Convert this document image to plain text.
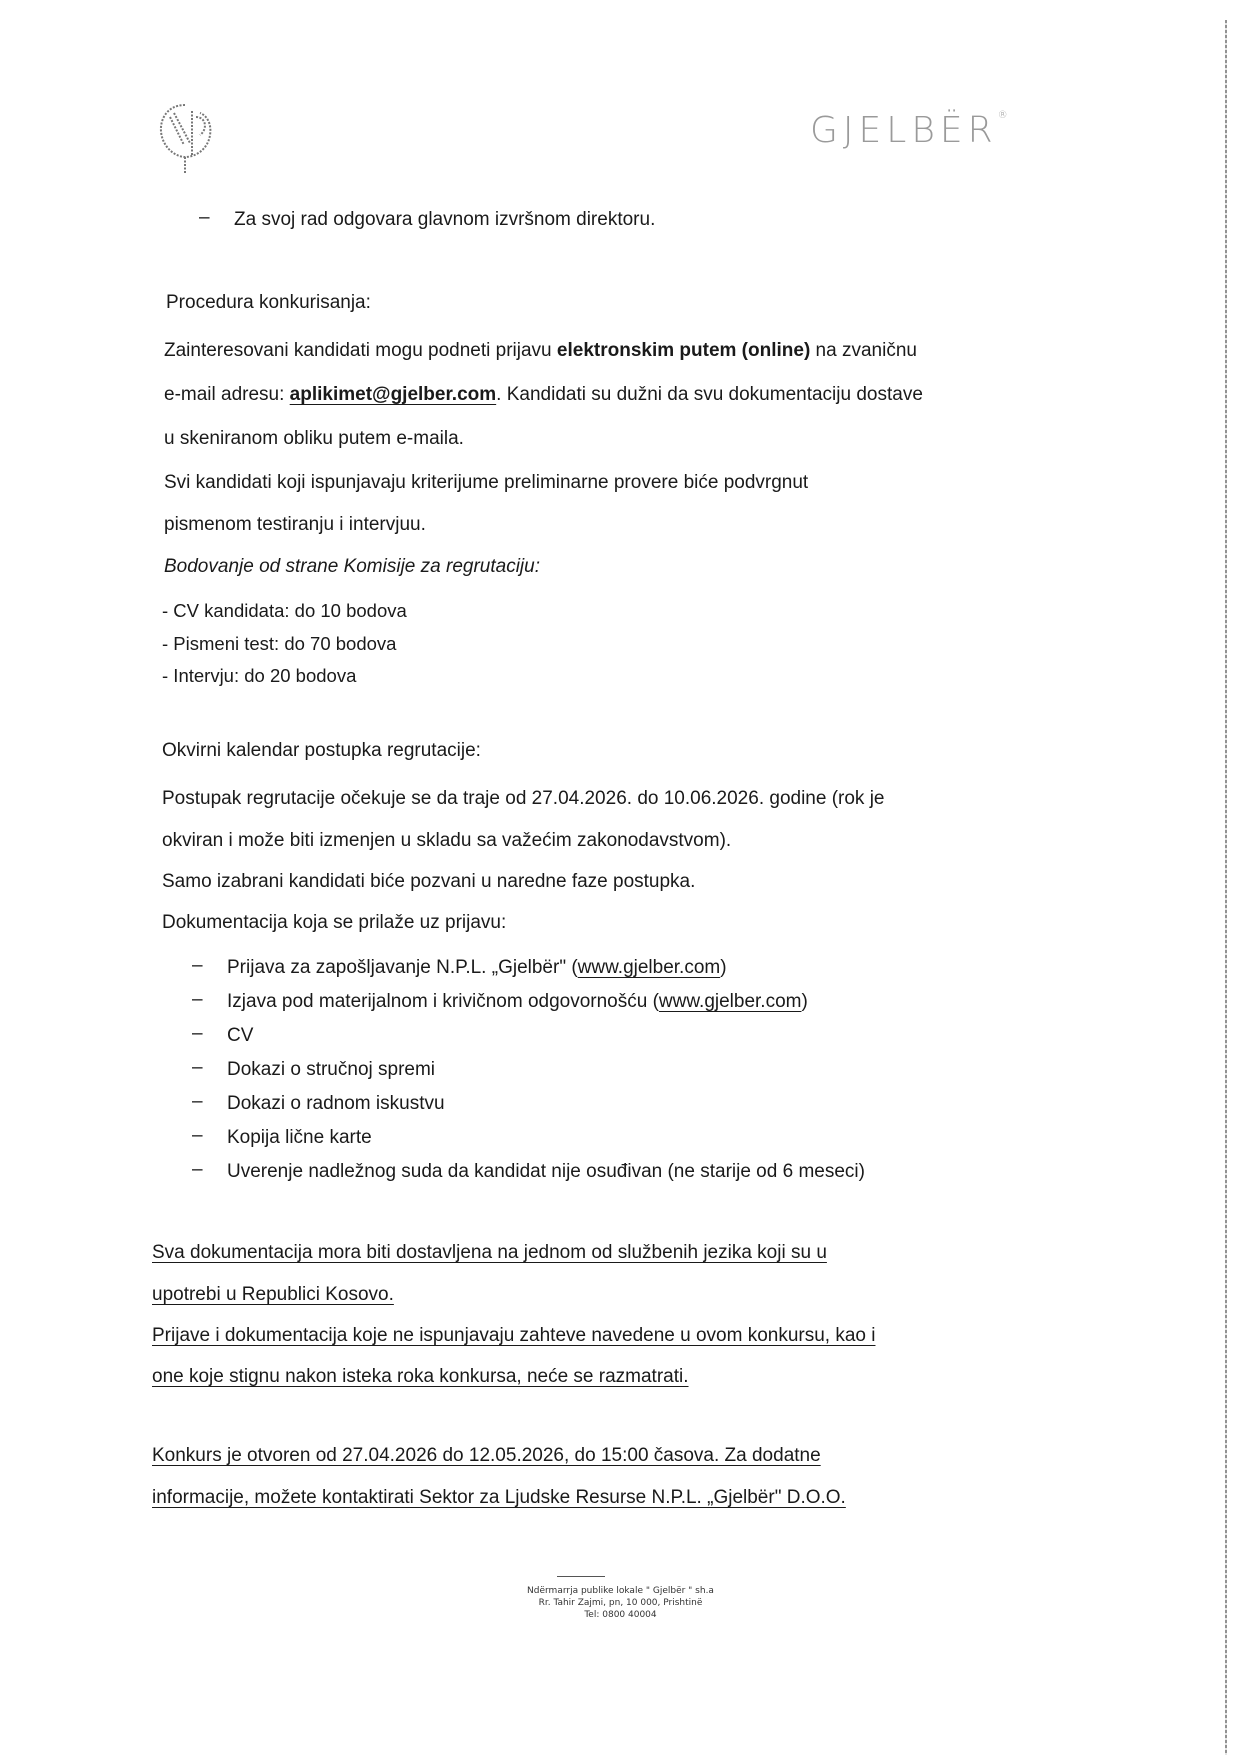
GJELBËR®
– Za svoj rad odgovara glavnom izvršnom direktoru.
Procedura konkurisanja:
Zainteresovani kandidati mogu podneti prijavu elektronskim putem (online) na zvaničnu
e-mail adresu: aplikimet@gjelber.com. Kandidati su dužni da svu dokumentaciju dostave
u skeniranom obliku putem e-maila.
Svi kandidati koji ispunjavaju kriterijume preliminarne provere biće podvrgnut
pismenom testiranju i intervjuu.
Bodovanje od strane Komisije za regrutaciju:
- CV kandidata: do 10 bodova
- Pismeni test: do 70 bodova
- Intervju: do 20 bodova
Okvirni kalendar postupka regrutacije:
Postupak regrutacije očekuje se da traje od 27.04.2026. do 10.06.2026. godine (rok je
okviran i može biti izmenjen u skladu sa važećim zakonodavstvom).
Samo izabrani kandidati biće pozvani u naredne faze postupka.
Dokumentacija koja se prilaže uz prijavu:
– Prijava za zapošljavanje N.P.L. „Gjelbër" (www.gjelber.com)
– Izjava pod materijalnom i krivičnom odgovornošću (www.gjelber.com)
– CV
– Dokazi o stručnoj spremi
– Dokazi o radnom iskustvu
– Kopija lične karte
– Uverenje nadležnog suda da kandidat nije osuđivan (ne starije od 6 meseci)
Sva dokumentacija mora biti dostavljena na jednom od službenih jezika koji su u
upotrebi u Republici Kosovo.
Prijave i dokumentacija koje ne ispunjavaju zahteve navedene u ovom konkursu, kao i
one koje stignu nakon isteka roka konkursa, neće se razmatrati.
Konkurs je otvoren od 27.04.2026 do 12.05.2026, do 15:00 časova. Za dodatne
informacije, možete kontaktirati Sektor za Ljudske Resurse N.P.L. „Gjelbër" D.O.O.
Ndërmarrja publike lokale " Gjelbër " sh.a
Rr. Tahir Zajmi, pn, 10 000, Prishtinë
Tel: 0800 40004
